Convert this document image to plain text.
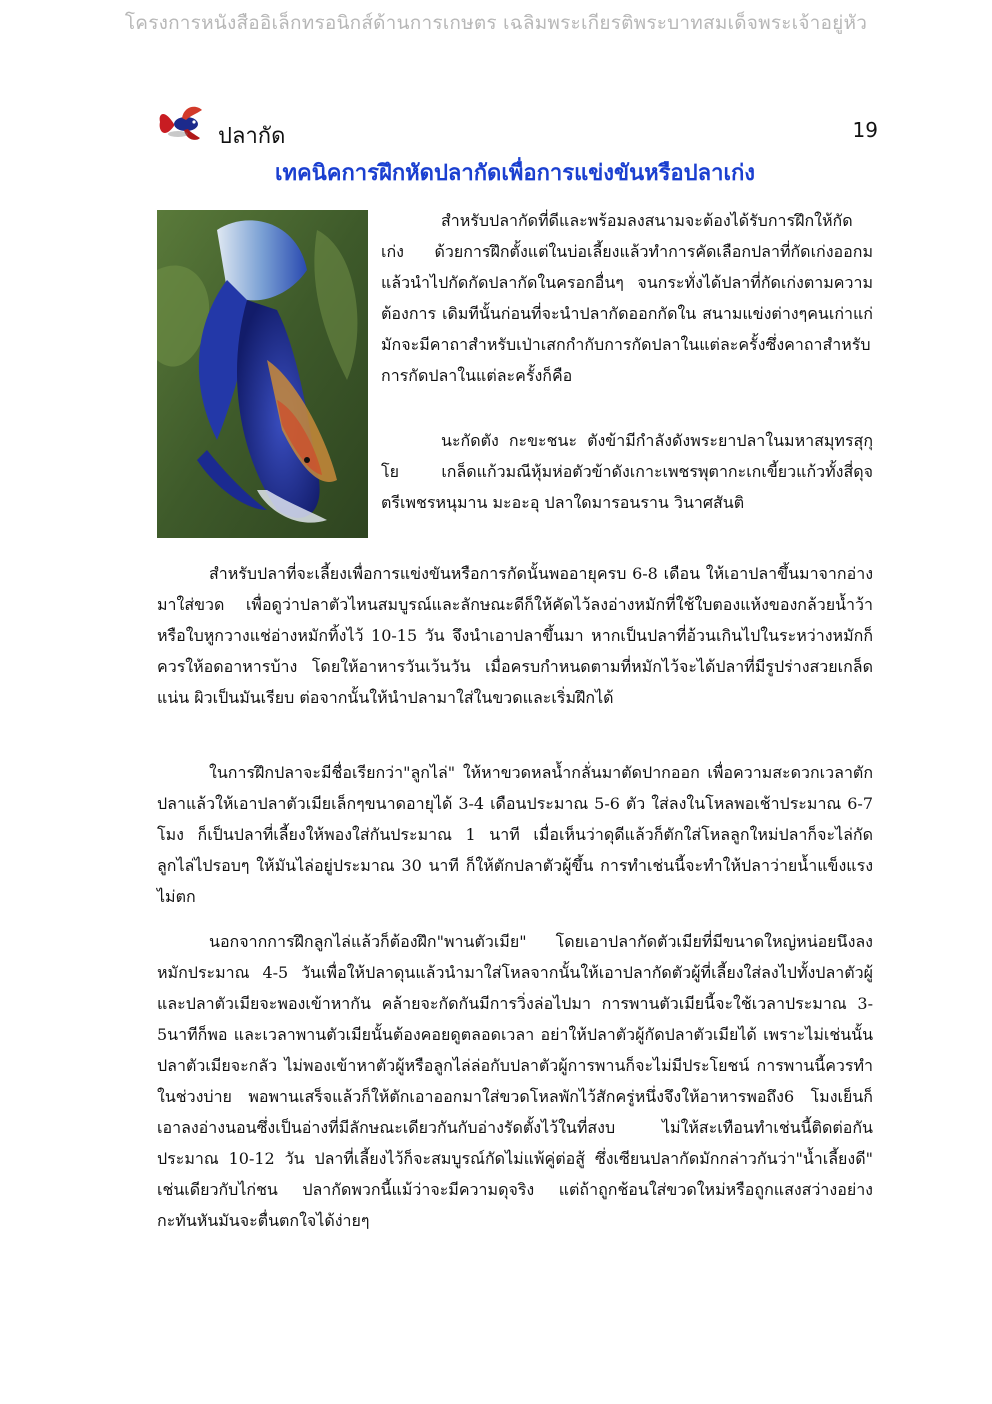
โครงการหนังสืออิเล็กทรอนิกส์ด้านการเกษตร เฉลิมพระเกียรติพระบาทสมเด็จพระเจ้าอยู่หัว
ปลากัด	19
เทคนิคการฝึกหัดปลากัดเพื่อการแข่งขันหรือปลาเก่ง

สำหรับปลากัดที่ดีและพร้อมลงสนามจะต้องได้รับการฝึกให้กัดเก่ง ด้วยการฝึกตั้งแต่ในบ่อเลี้ยงแล้วทำการคัดเลือกปลาที่กัดเก่งออกมแล้วนำไปกัดกัดปลากัดในครอกอื่นๆ จนกระทั่งได้ปลาที่กัดเก่งตามความต้องการ เดิมทีนั้นก่อนที่จะนำปลากัดออกกัดใน สนามแข่งต่างๆคนเก่าแก่มักจะมีคาถาสำหรับเป่าเสกกำกับการกัดปลาในแต่ละครั้งซึ่งคาถาสำหรับการกัดปลาในแต่ละครั้งก็คือ

นะกัดตัง กะขะชนะ ตังข้ามีกำลังดังพระยาปลาในมหาสมุทรสุกุโย เกล็ดแก้วมณีหุ้มห่อตัวข้าดังเกาะเพชรพุตากะเกเขี้ยวแก้วทั้งสี่ดุจตรีเพชรหนุมาน มะอะอุ ปลาใดมารอนราน วินาศสันติ

สำหรับปลาที่จะเลี้ยงเพื่อการแข่งขันหรือการกัดนั้นพออายุครบ 6-8 เดือน ให้เอาปลาขึ้นมาจากอ่างมาใส่ขวด เพื่อดูว่าปลาตัวไหนสมบูรณ์และลักษณะดีก็ให้คัดไว้ลงอ่างหมักที่ใช้ใบตองแห้งของกล้วยน้ำว้าหรือใบหูกวางแช่อ่างหมักทิ้งไว้ 10-15 วัน จึงนำเอาปลาขึ้นมา หากเป็นปลาที่อ้วนเกินไปในระหว่างหมักก็ควรให้อดอาหารบ้าง โดยให้อาหารวันเว้นวัน เมื่อครบกำหนดตามที่หมักไว้จะได้ปลาที่มีรูปร่างสวยเกล็ดแน่น ผิวเป็นมันเรียบ ต่อจากนั้นให้นำปลามาใส่ในขวดและเริ่มฝึกได้

ในการฝึกปลาจะมีชื่อเรียกว่า"ลูกไล่" ให้หาขวดหลน้ำกลั่นมาตัดปากออก เพื่อความสะดวกเวลาตักปลาแล้วให้เอาปลาตัวเมียเล็กๆขนาดอายุได้ 3-4 เดือนประมาณ 5-6 ตัว ใส่ลงในโหลพอเช้าประมาณ 6-7 โมง ก็เป็นปลาที่เลี้ยงให้พองใส่กันประมาณ 1 นาที เมื่อเห็นว่าดุดีแล้วก็ตักใส่โหลลูกใหม่ปลาก็จะไล่กัดลูกไล่ไปรอบๆ ให้มันไล่อยู่ประมาณ 30 นาที ก็ให้ตักปลาตัวผู้ขึ้น การทำเช่นนี้จะทำให้ปลาว่ายน้ำแข็งแรงไม่ตก

นอกจากการฝึกลูกไล่แล้วก็ต้องฝึก"พานตัวเมีย" โดยเอาปลากัดตัวเมียที่มีขนาดใหญ่หน่อยนึงลงหมักประมาณ 4-5 วันเพื่อให้ปลาดุนแล้วนำมาใส่โหลจากนั้นให้เอาปลากัดตัวผู้ที่เลี้ยงใส่ลงไปทั้งปลาตัวผู้และปลาตัวเมียจะพองเข้าหากัน คล้ายจะกัดกันมีการวิ่งล่อไปมา การพานตัวเมียนี้จะใช้เวลาประมาณ 3-5นาทีก็พอ และเวลาพานตัวเมียนั้นต้องคอยดูตลอดเวลา อย่าให้ปลาตัวผู้กัดปลาตัวเมียได้ เพราะไม่เช่นนั้นปลาตัวเมียจะกลัว ไม่พองเข้าหาตัวผู้หรือลูกไล่ล่อกับปลาตัวผู้การพานก็จะไม่มีประโยชน์ การพานนี้ควรทำในช่วงบ่าย พอพานเสร็จแล้วก็ให้ตักเอาออกมาใส่ขวดโหลพักไว้สักครู่หนึ่งจึงให้อาหารพอถึง6 โมงเย็นก็เอาลงอ่างนอนซึ่งเป็นอ่างที่มีลักษณะเดียวกันกับอ่างรัดตั้งไว้ในที่สงบ ไม่ให้สะเทือนทำเช่นนี้ติดต่อกันประมาณ 10-12 วัน ปลาที่เลี้ยงไว้ก็จะสมบูรณ์กัดไม่แพ้คู่ต่อสู้ ซึ่งเซียนปลากัดมักกล่าวกันว่า"น้ำเลี้ยงดี" เช่นเดียวกับไก่ชน ปลากัดพวกนี้แม้ว่าจะมีความดุจริง แต่ถ้าถูกช้อนใส่ขวดใหม่หรือถูกแสงสว่างอย่างกะทันหันมันจะตื่นตกใจได้ง่ายๆ
